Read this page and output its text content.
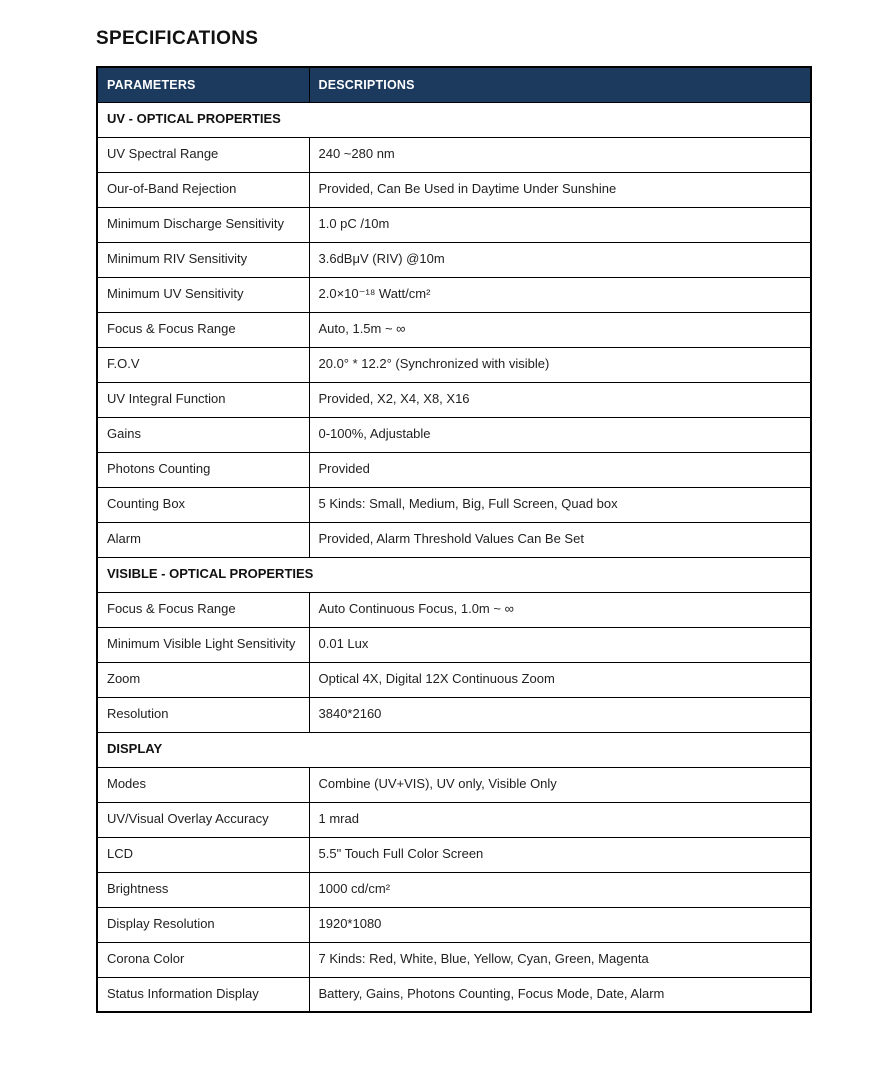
SPECIFICATIONS
PARAMETERS	DESCRIPTIONS
UV - OPTICAL PROPERTIES	
UV Spectral Range	240 ~280 nm
Our-of-Band Rejection	Provided, Can Be Used in Daytime Under Sunshine
Minimum Discharge Sensitivity	1.0 pC /10m
Minimum RIV Sensitivity	3.6dBμV (RIV) @10m
Minimum UV Sensitivity	2.0×10⁻¹⁸ Watt/cm²
Focus & Focus Range	Auto, 1.5m ~ ∞
F.O.V	20.0° * 12.2° (Synchronized with visible)
UV Integral Function	Provided, X2, X4, X8, X16
Gains	0-100%, Adjustable
Photons Counting	Provided
Counting Box	5 Kinds: Small, Medium, Big, Full Screen, Quad box
Alarm	Provided, Alarm Threshold Values Can Be Set
VISIBLE - OPTICAL PROPERTIES	
Focus & Focus Range	Auto Continuous Focus, 1.0m ~ ∞
Minimum Visible Light Sensitivity	0.01 Lux
Zoom	Optical 4X, Digital 12X Continuous Zoom
Resolution	3840*2160
DISPLAY	
Modes	Combine (UV+VIS), UV only, Visible Only
UV/Visual Overlay Accuracy	1 mrad
LCD	5.5" Touch Full Color Screen
Brightness	1000 cd/cm²
Display Resolution	1920*1080
Corona Color	7 Kinds: Red, White, Blue, Yellow, Cyan, Green, Magenta
Status Information Display	Battery, Gains, Photons Counting, Focus Mode, Date, Alarm
